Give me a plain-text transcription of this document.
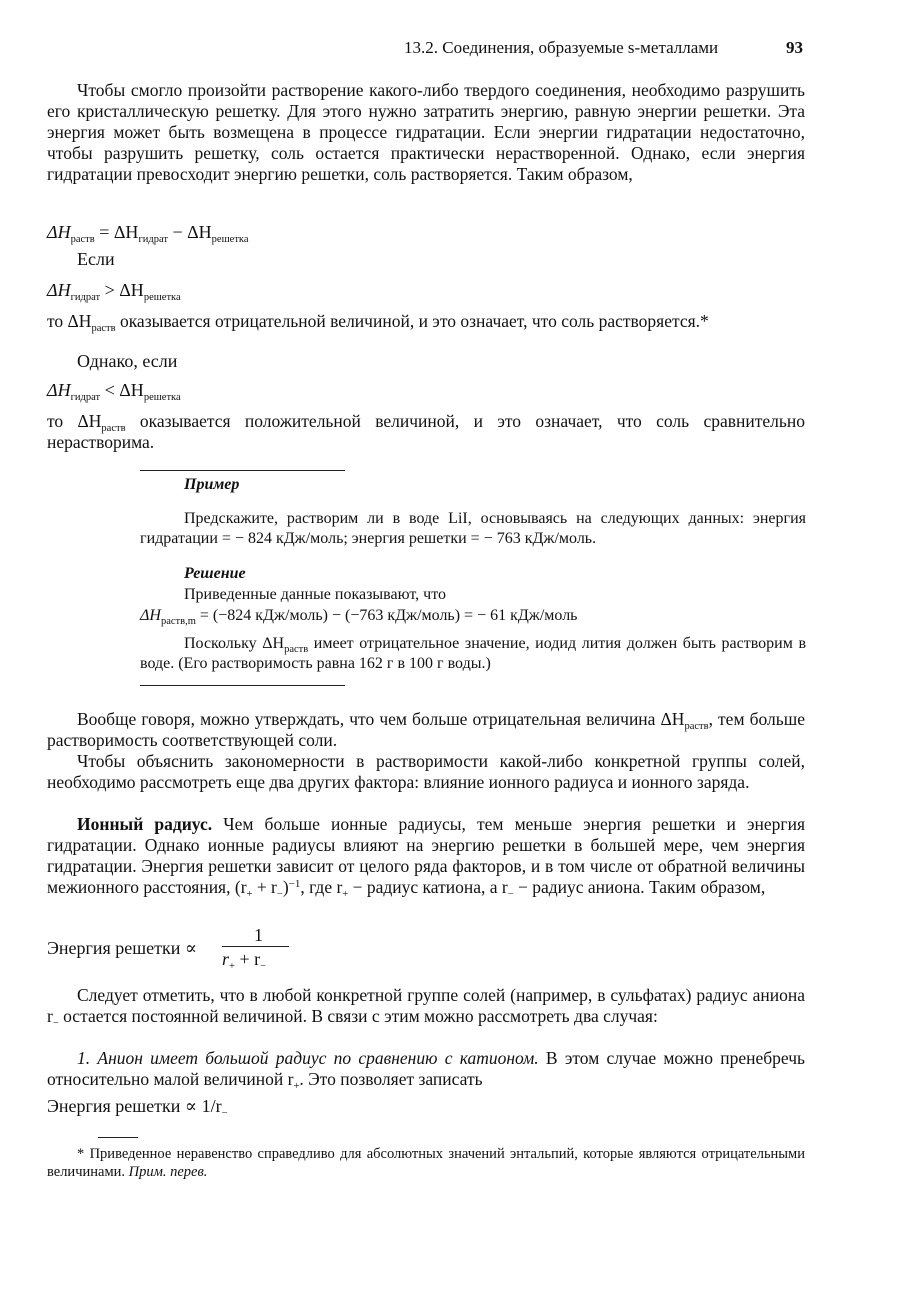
13.2. Соединения, образуемые s-металлами	93
Чтобы смогло произойти растворение какого-либо твердого соединения, необходимо разрушить его кристаллическую решетку. Для этого нужно затратить энергию, равную энергии решетки. Эта энергия может быть возмещена в процессе гидратации. Если энергии гидратации недостаточно, чтобы разрушить решетку, соль остается практически нерастворенной. Однако, если энергия гидратации превосходит энергию решетки, соль растворяется. Таким образом,
$\Delta H_{раств} = \Delta H_{гидрат} - \Delta H_{решетка}$
Если
$\Delta H_{гидрат} > \Delta H_{решетка}$
то $\Delta H_{раств}$ оказывается отрицательной величиной, и это означает, что соль растворяется.*
Однако, если
$\Delta H_{гидрат} < \Delta H_{решетка}$
то $\Delta H_{раств}$ оказывается положительной величиной, и это означает, что соль сравнительно нерастворима.
Пример
Предскажите, растворим ли в воде LiI, основываясь на следующих данных: энергия гидратации = − 824 кДж/моль; энергия решетки = − 763 кДж/моль.
Решение
Приведенные данные показывают, что
$\Delta H_{раств,m} = (-824$ кДж/моль) − (−763 кДж/моль) = − 61 кДж/моль
Поскольку $\Delta H_{раств}$ имеет отрицательное значение, иодид лития должен быть растворим в воде. (Его растворимость равна 162 г в 100 г воды.)
Вообще говоря, можно утверждать, что чем больше отрицательная величина $\Delta H_{раств}$, тем больше растворимость соответствующей соли.
Чтобы объяснить закономерности в растворимости какой-либо конкретной группы солей, необходимо рассмотреть еще два других фактора: влияние ионного радиуса и ионного заряда.
Ионный радиус. Чем больше ионные радиусы, тем меньше энергия решетки и энергия гидратации. Однако ионные радиусы влияют на энергию решетки в большей мере, чем энергия гидратации. Энергия решетки зависит от целого ряда факторов, и в том числе от обратной величины межионного расстояния, $(r_+ + r_-)^{-1}$, где $r_+$ − радиус катиона, а $r_-$ − радиус аниона. Таким образом,
Энергия решетки ∝
1
$r_+ + r_-$
Следует отметить, что в любой конкретной группе солей (например, в сульфатах) радиус аниона $r_-$ остается постоянной величиной. В связи с этим можно рассмотреть два случая:
1. Анион имеет большой радиус по сравнению с катионом. В этом случае можно пренебречь относительно малой величиной $r_+$. Это позволяет записать
Энергия решетки ∝ $1/r_-$
* Приведенное неравенство справедливо для абсолютных значений энтальпий, которые являются отрицательными величинами. Прим. перев.
